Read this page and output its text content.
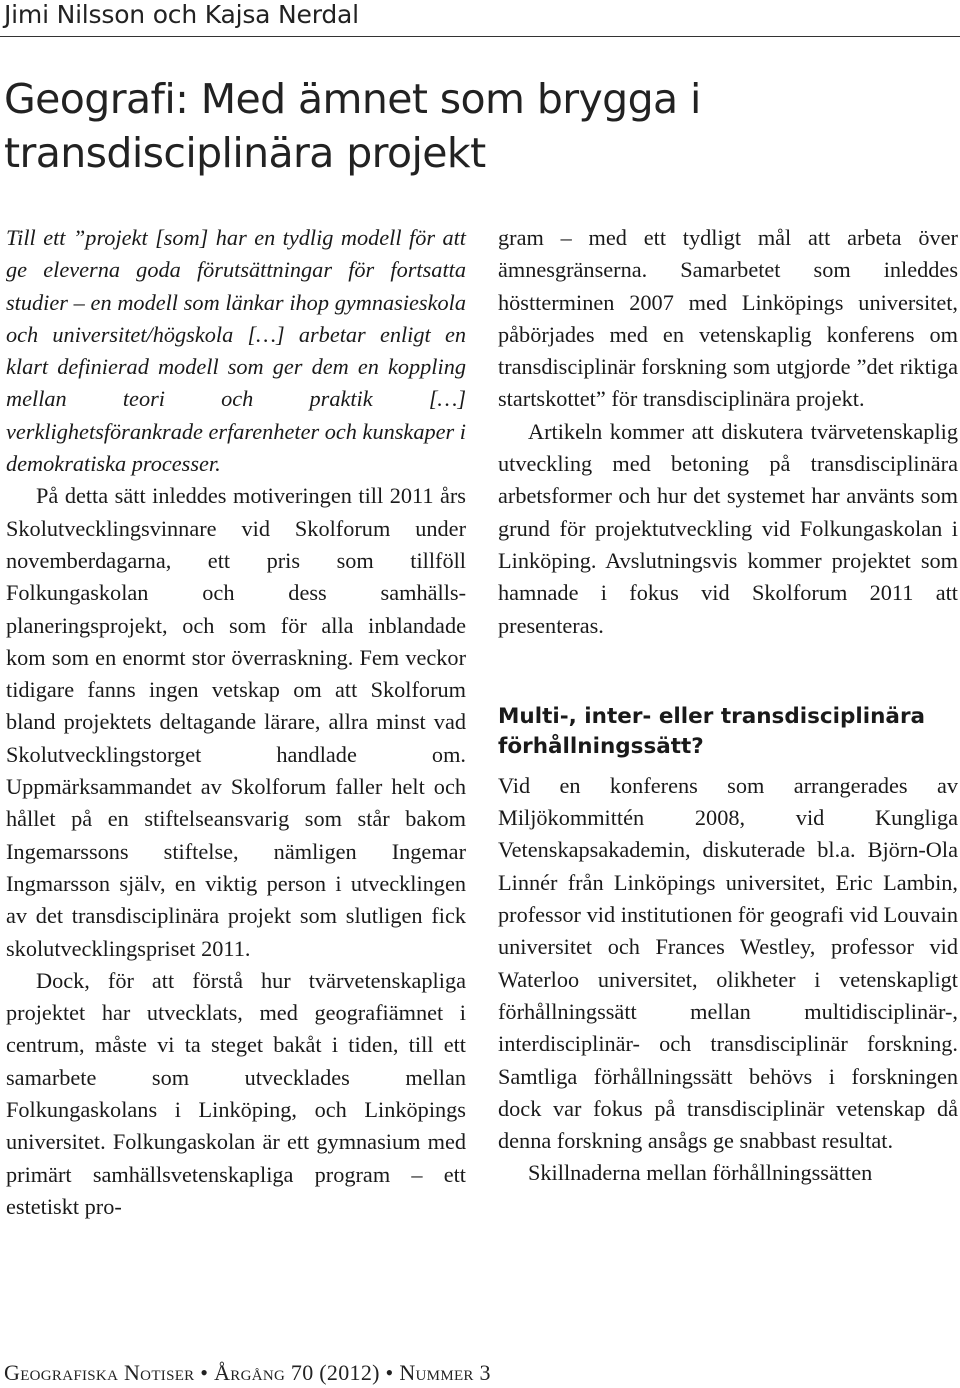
Jimi Nilsson och Kajsa Nerdal
Geografi: Med ämnet som brygga i transdisciplinära projekt

Till ett ”projekt [som] har en tydlig modell för att ge eleverna goda förutsättningar för fortsatta studier – en modell som länkar ihop gymnasieskola och universitet/högskola […] arbetar enligt en klart definierad modell som ger dem en koppling mellan teori och praktik […] verklighetsförankrade erfarenheter och kunskaper i demokratiska processer.

På detta sätt inleddes motiveringen till 2011 års Skolutvecklingsvinnare vid Skolforum under novemberdagarna, ett pris som tillföll Folkungaskolan och dess samhälls-planeringsprojekt, och som för alla inblandade kom som en enormt stor överraskning. Fem veckor tidigare fanns ingen vetskap om att Skolforum bland projektets deltagande lärare, allra minst vad Skolutvecklingstorget handlade om. Uppmärksammandet av Skolforum faller helt och hållet på en stiftelseansvarig som står bakom Ingemarssons stiftelse, nämligen Ingemar Ingmarsson själv, en viktig person i utvecklingen av det transdisciplinära projekt som slutligen fick skolutvecklingspriset 2011.

Dock, för att förstå hur tvärvetenskapliga projektet har utvecklats, med geografiämnet i centrum, måste vi ta steget bakåt i tiden, till ett samarbete som utvecklades mellan Folkungaskolans i Linköping, och Linköpings universitet. Folkungaskolan är ett gymnasium med primärt samhällsvetenskapliga program – ett estetiskt pro-

gram – med ett tydligt mål att arbeta över ämnesgränserna. Samarbetet som inleddes höstterminen 2007 med Linköpings universitet, påbörjades med en vetenskaplig konferens om transdisciplinär forskning som utgjorde ”det riktiga startskottet” för transdisciplinära projekt.

Artikeln kommer att diskutera tvärvetenskaplig utveckling med betoning på transdisciplinära arbetsformer och hur det systemet har använts som grund för projektutveckling vid Folkungaskolan i Linköping. Avslutningsvis kommer projektet som hamnade i fokus vid Skolforum 2011 att presenteras.

Multi-, inter- eller transdisciplinära förhållningssätt?

Vid en konferens som arrangerades av Miljökommittén 2008, vid Kungliga Vetenskapsakademin, diskuterade bl.a. Björn-Ola Linnér från Linköpings universitet, Eric Lambin, professor vid institutionen för geografi vid Louvain universitet och Frances Westley, professor vid Waterloo universitet, olikheter i vetenskapligt förhållningssätt mellan multidisciplinär-, interdisciplinär- och transdisciplinär forskning. Samtliga förhållningssätt behövs i forskningen dock var fokus på transdisciplinär vetenskap då denna forskning ansågs ge snabbast resultat.

Skillnaderna mellan förhållningssätten

Geografiska Notiser • Årgång 70 (2012) • Nummer 3
